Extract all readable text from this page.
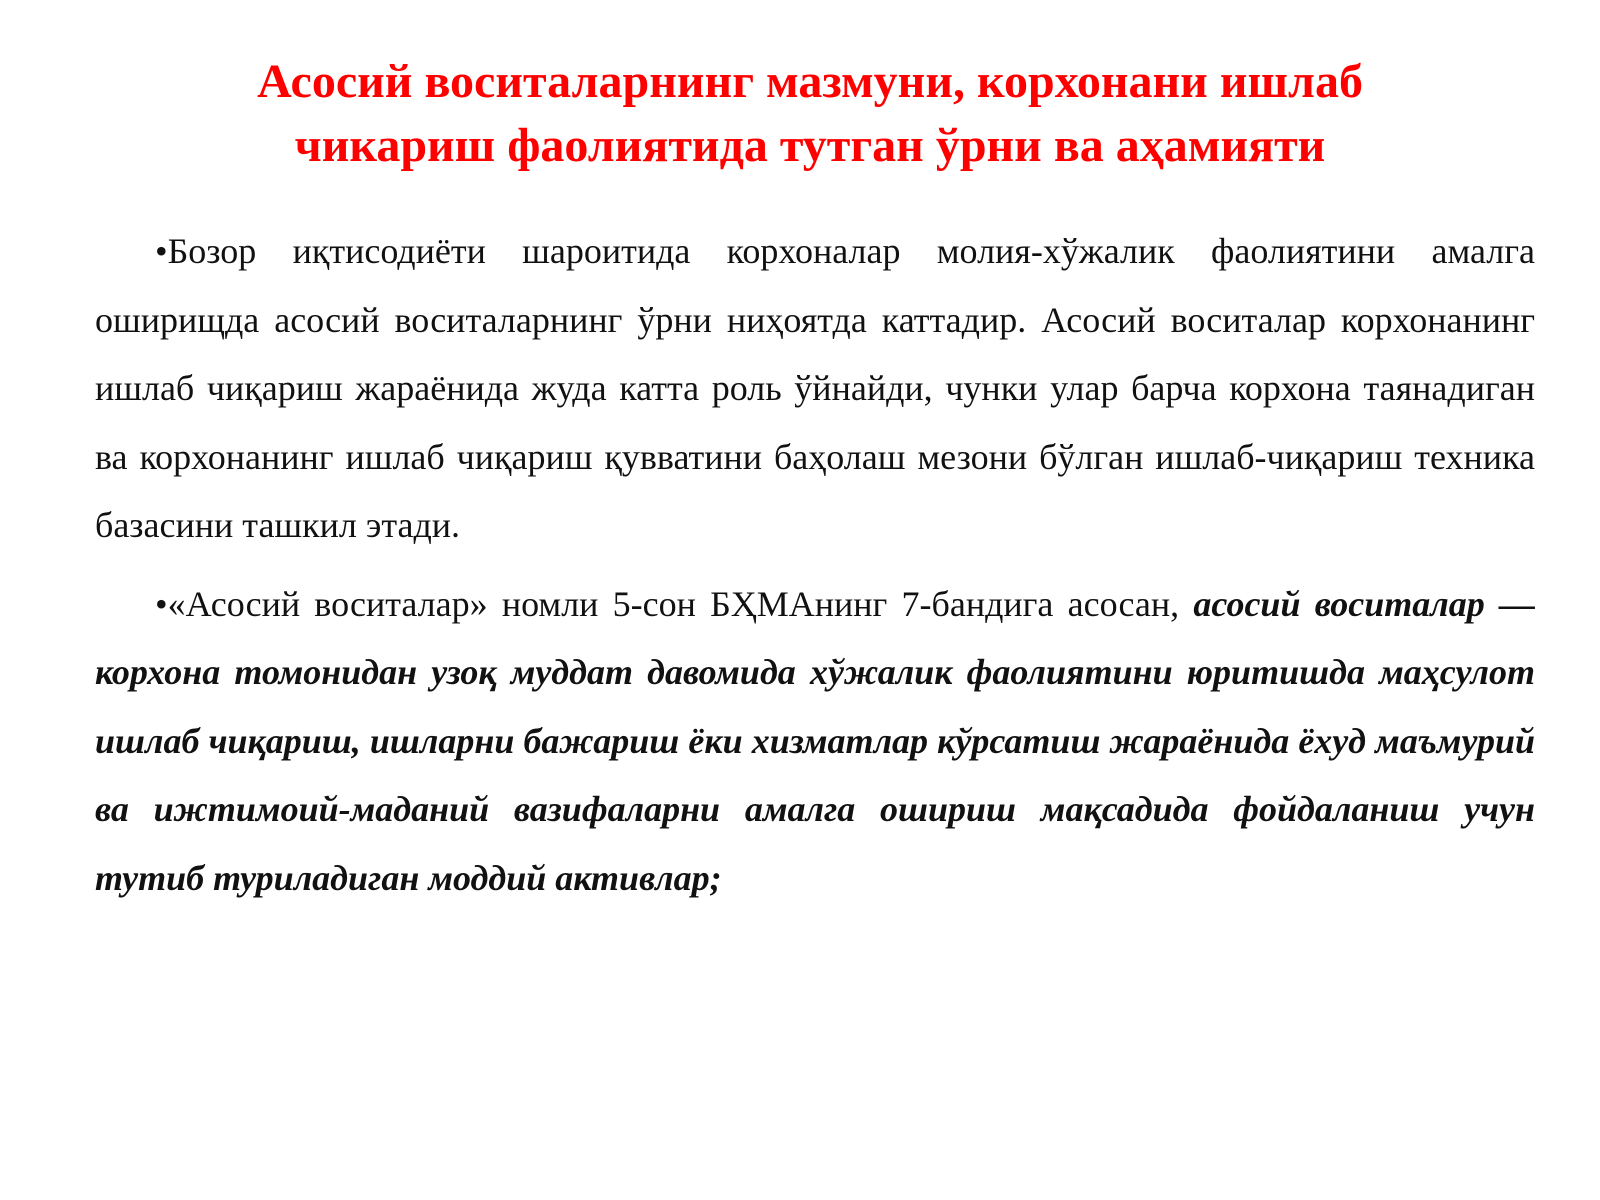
Асосий воситаларнинг мазмуни, корхонани ишлаб
чикариш фаолиятида тутган ўрни ва аҳамияти

•Бозор иқтисодиёти шароитида корхоналар молия-хўжалик фаолиятини амалга оширищда асосий воситаларнинг ўрни ниҳоятда каттадир. Асосий воситалар корхонанинг ишлаб чиқариш жараёнида жуда катта роль ўйнайди, чунки улар барча корхона таянадиган ва корхонанинг ишлаб чиқариш қувватини баҳолаш мезони бўлган ишлаб-чиқариш техника базасини ташкил этади.

•«Асосий воситалар» номли 5-сон БҲМАнинг 7-бандига асосан, асосий воситалар — корхона томонидан узоқ муддат давомида хўжалик фаолиятини юритишда маҳсулот ишлаб чиқариш, ишларни бажариш ёки хизматлар кўрсатиш жараёнида ёхуд маъмурий ва ижтимоий-маданий вазифаларни амалга ошириш мақсадида фойдаланиш учун тутиб туриладиган моддий активлар;
